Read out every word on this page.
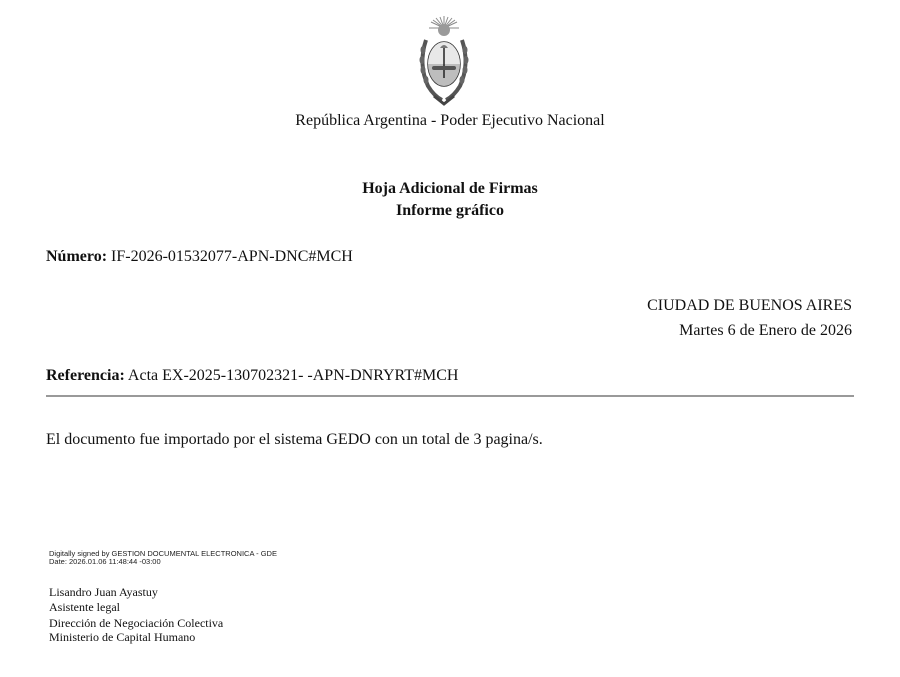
República Argentina - Poder Ejecutivo Nacional
Hoja Adicional de Firmas
Informe gráfico
Número: IF-2026-01532077-APN-DNC#MCH
CIUDAD DE BUENOS AIRES
Martes 6 de Enero de 2026
Referencia: Acta EX-2025-130702321- -APN-DNRYRT#MCH
El documento fue importado por el sistema GEDO con un total de 3 pagina/s.
Digitally signed by GESTION DOCUMENTAL ELECTRONICA - GDE
Date: 2026.01.06 11:48:44 -03:00
Lisandro Juan Ayastuy
Asistente legal
Dirección de Negociación Colectiva
Ministerio de Capital Humano
